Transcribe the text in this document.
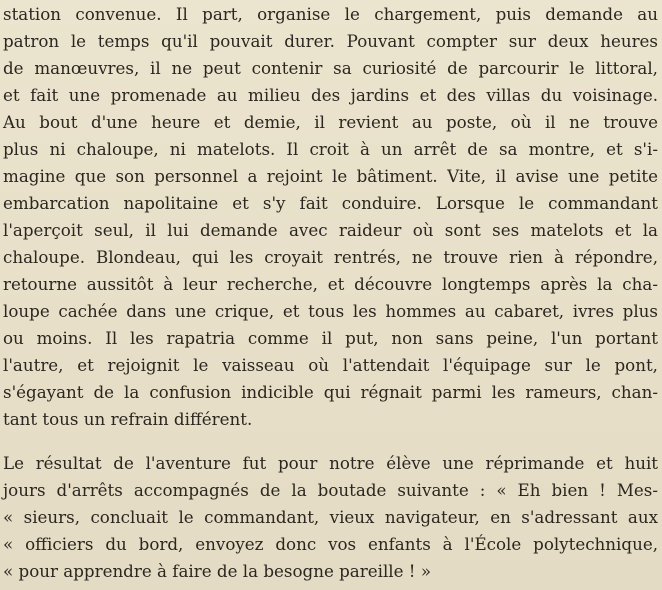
station convenue. Il part, organise le chargement, puis demande au
patron le temps qu'il pouvait durer. Pouvant compter sur deux heures
de manœuvres, il ne peut contenir sa curiosité de parcourir le littoral,
et fait une promenade au milieu des jardins et des villas du voisinage.
Au bout d'une heure et demie, il revient au poste, où il ne trouve
plus ni chaloupe, ni matelots. Il croit à un arrêt de sa montre, et s'i-
magine que son personnel a rejoint le bâtiment. Vite, il avise une petite
embarcation napolitaine et s'y fait conduire. Lorsque le commandant
l'aperçoit seul, il lui demande avec raideur où sont ses matelots et la
chaloupe. Blondeau, qui les croyait rentrés, ne trouve rien à répondre,
retourne aussitôt à leur recherche, et découvre longtemps après la cha-
loupe cachée dans une crique, et tous les hommes au cabaret, ivres plus
ou moins. Il les rapatria comme il put, non sans peine, l'un portant
l'autre, et rejoignit le vaisseau où l'attendait l'équipage sur le pont,
s'égayant de la confusion indicible qui régnait parmi les rameurs, chan-
tant tous un refrain différent.
Le résultat de l'aventure fut pour notre élève une réprimande et huit
jours d'arrêts accompagnés de la boutade suivante : « Eh bien ! Mes-
« sieurs, concluait le commandant, vieux navigateur, en s'adressant aux
« officiers du bord, envoyez donc vos enfants à l'École polytechnique,
« pour apprendre à faire de la besogne pareille ! »
